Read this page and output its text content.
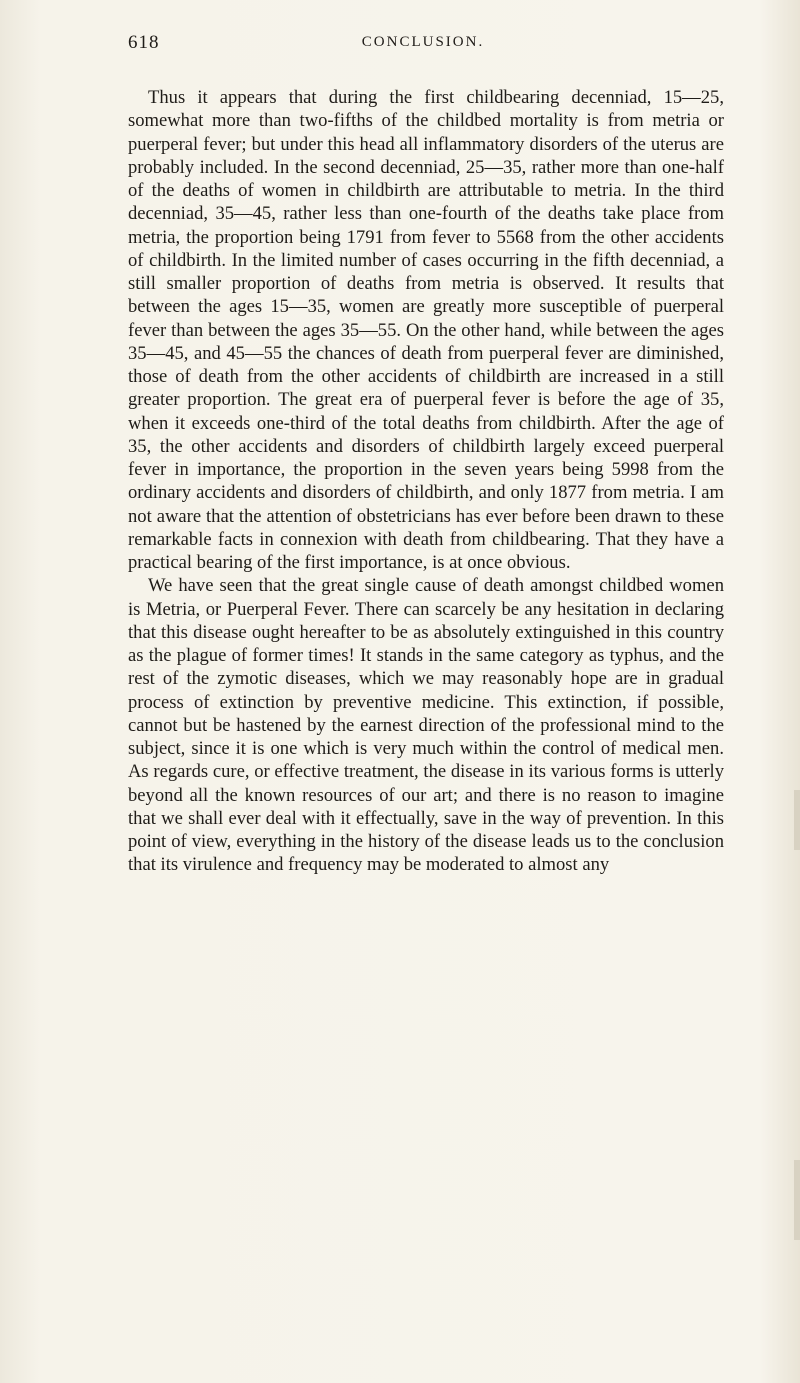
618	CONCLUSION.

Thus it appears that during the first childbearing decenniad, 15—25, somewhat more than two-fifths of the childbed mortality is from metria or puerperal fever; but under this head all inflammatory disorders of the uterus are probably included. In the second decenniad, 25—35, rather more than one-half of the deaths of women in childbirth are attributable to metria. In the third decenniad, 35—45, rather less than one-fourth of the deaths take place from metria, the proportion being 1791 from fever to 5568 from the other accidents of childbirth. In the limited number of cases occurring in the fifth decenniad, a still smaller proportion of deaths from metria is observed. It results that between the ages 15—35, women are greatly more susceptible of puerperal fever than between the ages 35—55. On the other hand, while between the ages 35—45, and 45—55 the chances of death from puerperal fever are diminished, those of death from the other accidents of childbirth are increased in a still greater proportion. The great era of puerperal fever is before the age of 35, when it exceeds one-third of the total deaths from childbirth. After the age of 35, the other accidents and disorders of childbirth largely exceed puerperal fever in importance, the proportion in the seven years being 5998 from the ordinary accidents and disorders of childbirth, and only 1877 from metria. I am not aware that the attention of obstetricians has ever before been drawn to these remarkable facts in connexion with death from childbearing. That they have a practical bearing of the first importance, is at once obvious.

We have seen that the great single cause of death amongst childbed women is Metria, or Puerperal Fever. There can scarcely be any hesitation in declaring that this disease ought hereafter to be as absolutely extinguished in this country as the plague of former times! It stands in the same category as typhus, and the rest of the zymotic diseases, which we may reasonably hope are in gradual process of extinction by preventive medicine. This extinction, if possible, cannot but be hastened by the earnest direction of the professional mind to the subject, since it is one which is very much within the control of medical men. As regards cure, or effective treatment, the disease in its various forms is utterly beyond all the known resources of our art; and there is no reason to imagine that we shall ever deal with it effectually, save in the way of prevention. In this point of view, everything in the history of the disease leads us to the conclusion that its virulence and frequency may be moderated to almost any
